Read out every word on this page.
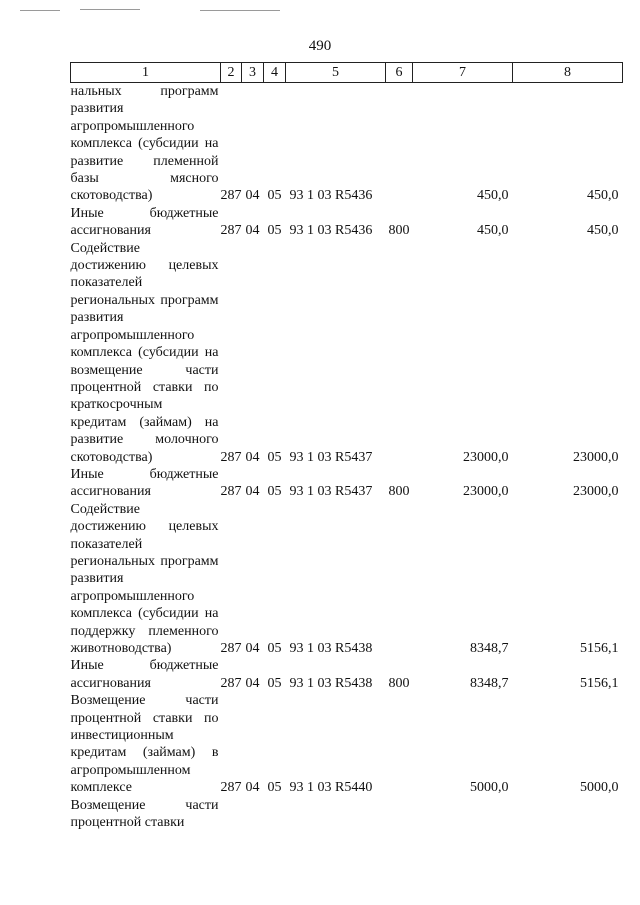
490
1	2	3	4	5	6	7	8
нальных программ развития агропромышленного комплекса (субсидии на развитие племенной базы мясного скотоводства)	287	04	05	93 1 03 R5436		450,0	450,0
Иные бюджетные ассигнования	287	04	05	93 1 03 R5436	800	450,0	450,0
Содействие достижению целевых показателей региональных программ развития агропромышленного комплекса (субсидии на возмещение части процентной ставки по краткосрочным кредитам (займам) на развитие молочного скотоводства)	287	04	05	93 1 03 R5437		23000,0	23000,0
Иные бюджетные ассигнования	287	04	05	93 1 03 R5437	800	23000,0	23000,0
Содействие достижению целевых показателей региональных программ развития агропромышленного комплекса (субсидии на поддержку племенного животноводства)	287	04	05	93 1 03 R5438		8348,7	5156,1
Иные бюджетные ассигнования	287	04	05	93 1 03 R5438	800	8348,7	5156,1
Возмещение части процентной ставки по инвестиционным кредитам (займам) в агропромышленном комплексе	287	04	05	93 1 03 R5440		5000,0	5000,0
Возмещение части процентной ставки							
